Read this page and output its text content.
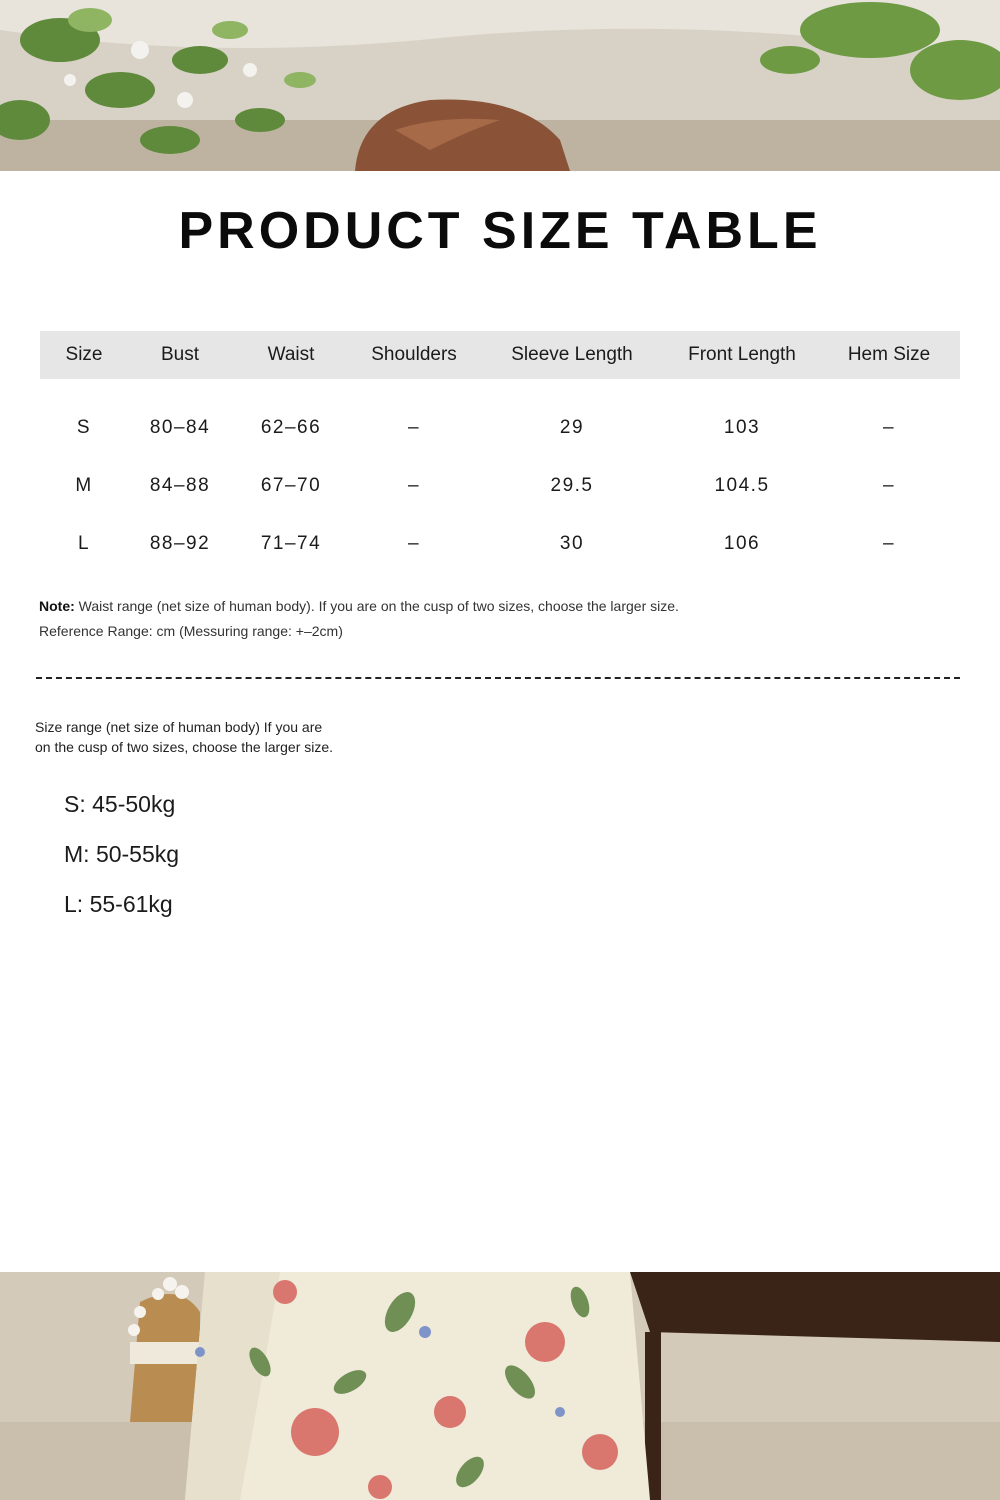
PRODUCT SIZE TABLE
Size	Bust	Waist	Shoulders	Sleeve Length	Front Length	Hem Size
S	80–84	62–66	–	29	103	–
M	84–88	67–70	–	29.5	104.5	–
L	88–92	71–74	–	30	106	–
Note: Waist range (net size of human body). If you are on the cusp of two sizes, choose the larger size.
Reference Range: cm (Messuring range: +–2cm)
Size range (net size of human body) If you are
on the cusp of two sizes, choose the larger size.
S: 45-50kg
M: 50-55kg
L: 55-61kg
